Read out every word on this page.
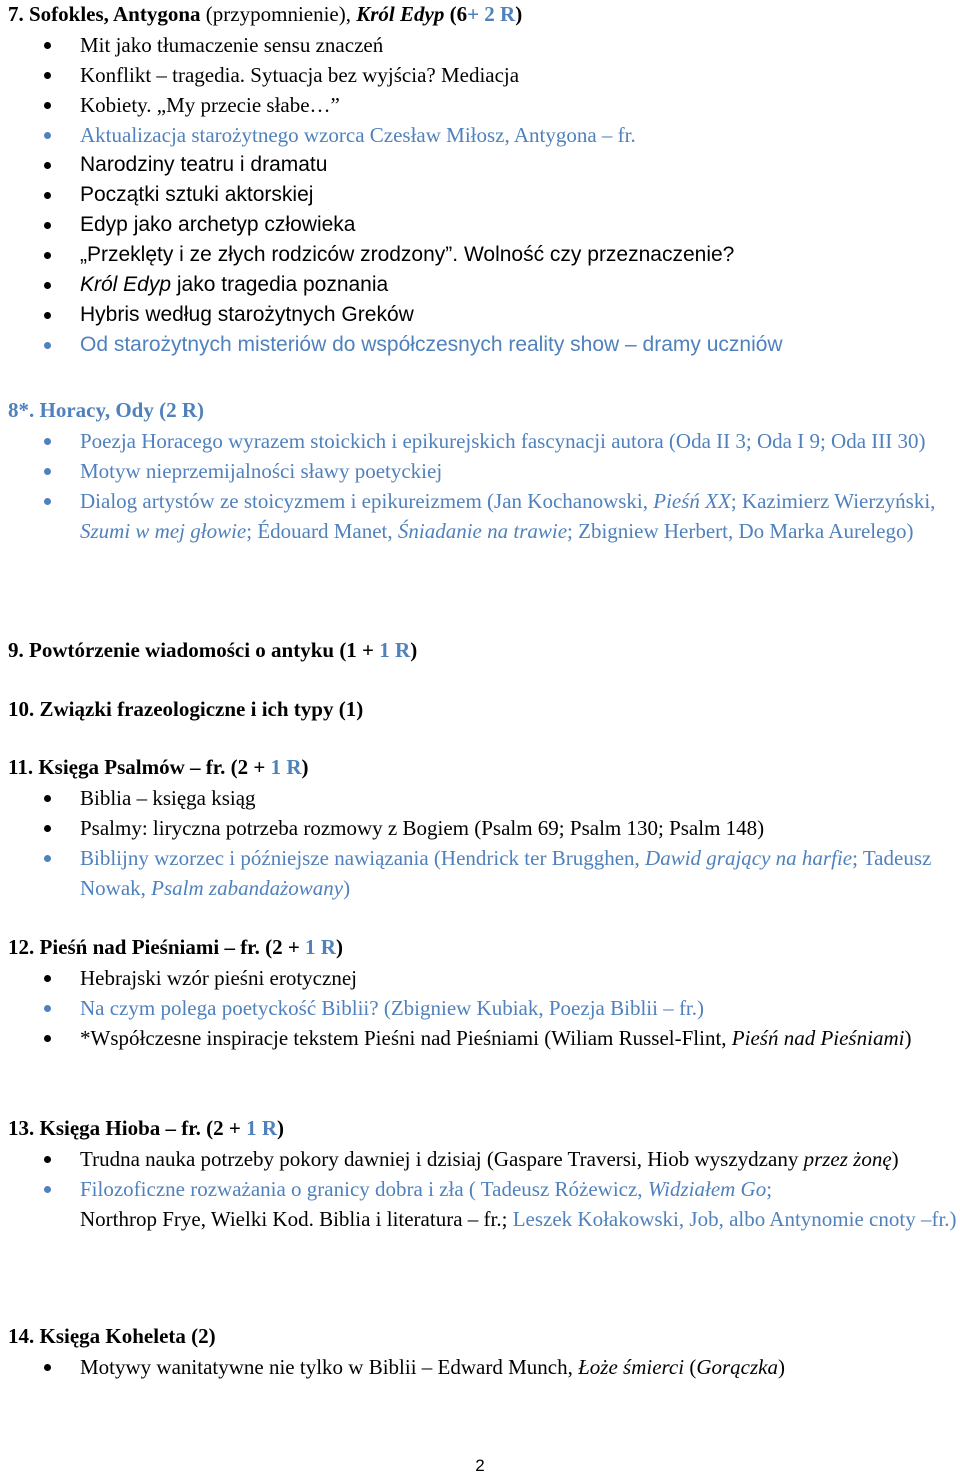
7. Sofokles, Antygona (przypomnienie), Król Edyp (6+ 2 R)
Mit jako tłumaczenie sensu znaczeń
Konflikt – tragedia. Sytuacja bez wyjścia? Mediacja
Kobiety. „My przecie słabe…”
Aktualizacja starożytnego wzorca Czesław Miłosz, Antygona – fr.
Narodziny teatru i dramatu
Początki sztuki aktorskiej
Edyp jako archetyp człowieka
„Przeklęty i ze złych rodziców zrodzony”. Wolność czy przeznaczenie?
Król Edyp jako tragedia poznania
Hybris według starożytnych Greków
Od starożytnych misteriów do współczesnych reality show – dramy uczniów
8*. Horacy, Ody (2 R)
Poezja Horacego wyrazem stoickich i epikurejskich fascynacji autora (Oda II 3; Oda I 9; Oda III 30)
Motyw nieprzemijalności sławy poetyckiej
Dialog artystów ze stoicyzmem i epikureizmem (Jan Kochanowski, Pieśń XX; Kazimierz Wierzyński, Szumi w mej głowie; Édouard Manet, Śniadanie na trawie; Zbigniew Herbert, Do Marka Aurelego)
9. Powtórzenie wiadomości o antyku (1 + 1 R)
10. Związki frazeologiczne i ich typy (1)
11. Księga Psalmów – fr. (2 + 1 R)
Biblia – księga ksiąg
Psalmy: liryczna potrzeba rozmowy z Bogiem (Psalm 69; Psalm 130; Psalm 148)
Biblijny wzorzec i późniejsze nawiązania (Hendrick ter Brugghen, Dawid grający na harfie; Tadeusz Nowak, Psalm zabandażowany)
12. Pieśń nad Pieśniami – fr. (2 + 1 R)
Hebrajski wzór pieśni erotycznej
Na czym polega poetyckość Biblii? (Zbigniew Kubiak, Poezja Biblii – fr.)
*Współczesne inspiracje tekstem Pieśni nad Pieśniami (Wiliam Russel-Flint, Pieśń nad Pieśniami)
13. Księga Hioba – fr. (2 + 1 R)
Trudna nauka potrzeby pokory dawniej i dzisiaj (Gaspare Traversi, Hiob wyszydzany przez żonę)
Filozoficzne rozważania o granicy dobra i zła ( Tadeusz Różewicz, Widziałem Go;
Northrop Frye, Wielki Kod. Biblia i literatura – fr.; Leszek Kołakowski, Job, albo Antynomie cnoty –fr.)
14. Księga Koheleta (2)
Motywy wanitatywne nie tylko w Biblii – Edward Munch, Łoże śmierci (Gorączka)
2
